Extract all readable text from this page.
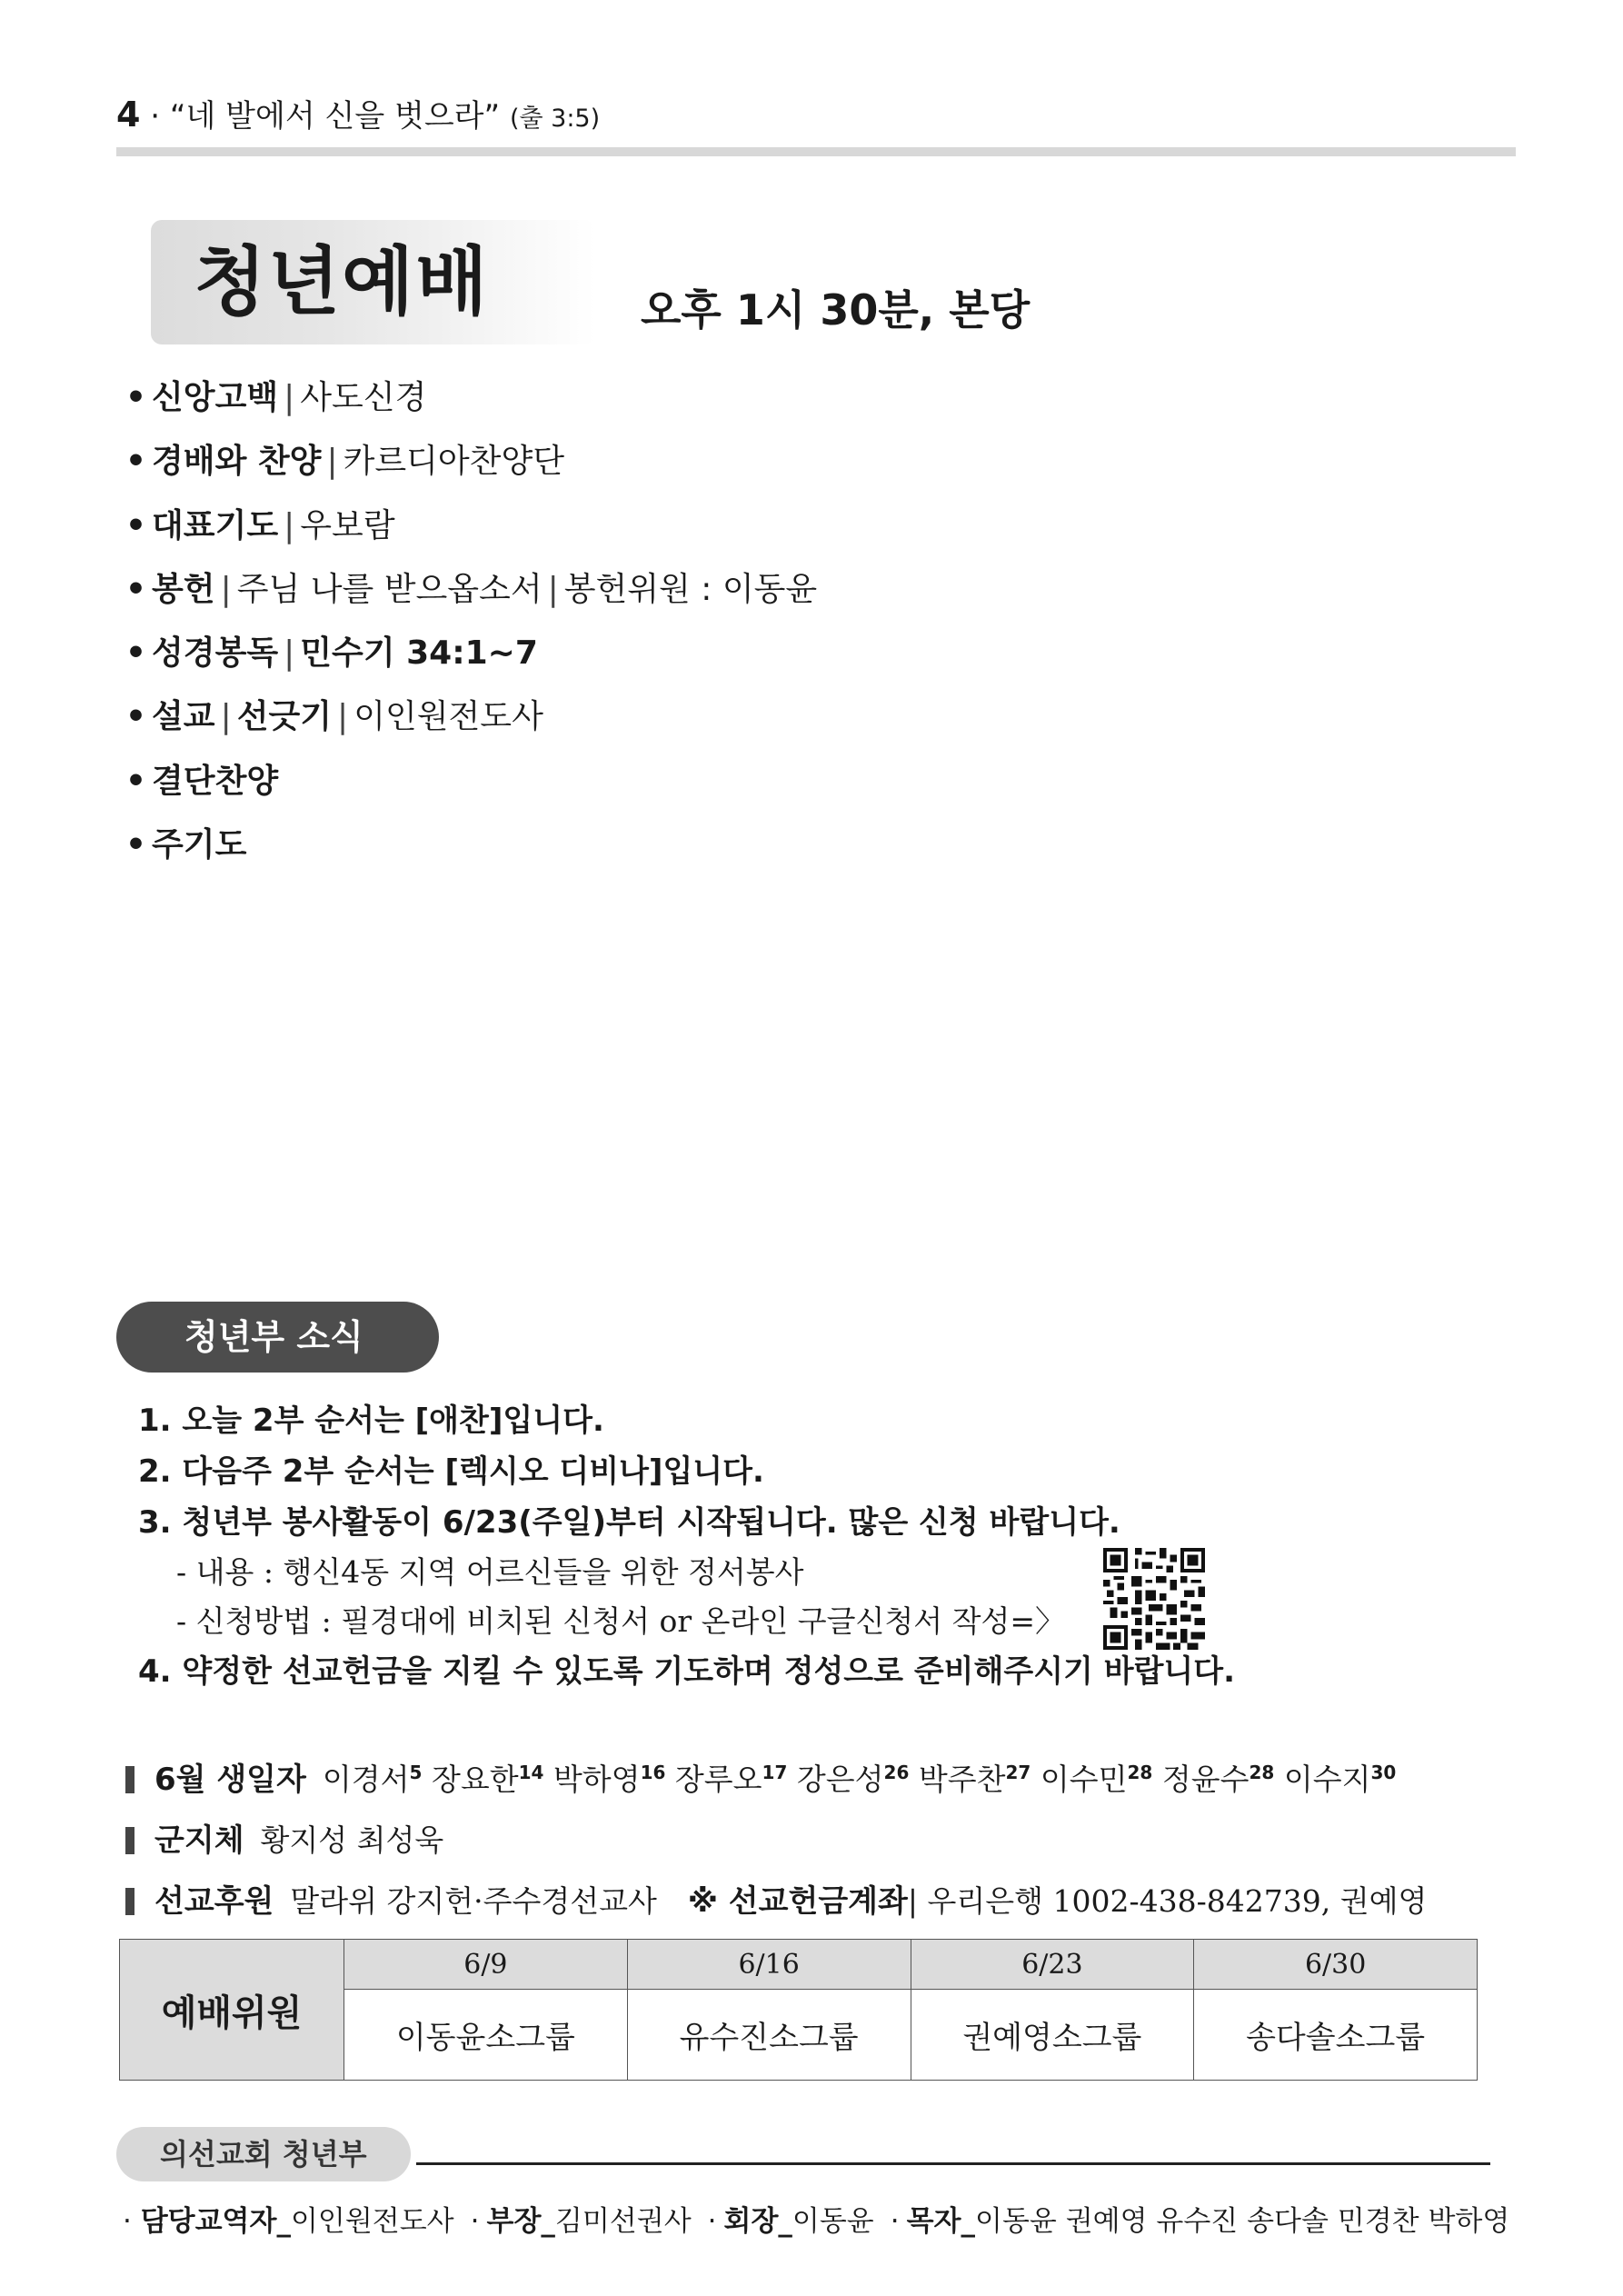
4 · “네 발에서 신을 벗으라” (출 3:5)
청년예배	오후 1시 30분, 본당
• 신앙고백 | 사도신경
• 경배와 찬양 | 카르디아찬양단
• 대표기도 | 우보람
• 봉헌 | 주님 나를 받으옵소서 | 봉헌위원 : 이동윤
• 성경봉독 | 민수기 34:1~7
• 설교 | 선긋기 | 이인원전도사
• 결단찬양
• 주기도
청년부 소식
1. 오늘 2부 순서는 [애찬]입니다.
2. 다음주 2부 순서는 [렉시오 디비나]입니다.
3. 청년부 봉사활동이 6/23(주일)부터 시작됩니다. 많은 신청 바랍니다.
- 내용 : 행신4동 지역 어르신들을 위한 정서봉사
- 신청방법 : 필경대에 비치된 신청서 or 온라인 구글신청서 작성=〉
4. 약정한 선교헌금을 지킬 수 있도록 기도하며 정성으로 준비해주시기 바랍니다.
6월 생일자 이경서$^5$ 장요한$^{14}$ 박하영$^{16}$ 장루오$^{17}$ 강은성$^{26}$ 박주찬$^{27}$ 이수민$^{28}$ 정윤수$^{28}$ 이수지$^{30}$
군지체 황지성 최성욱
선교후원 말라위 강지헌·주수경선교사 ※ 선교헌금계좌| 우리은행 1002-438-842739, 권예영
예배위원	6/9	6/16	6/23	6/30
	이동윤소그룹	유수진소그룹	권예영소그룹	송다솔소그룹
의선교회 청년부
· 담당교역자_이인원전도사 · 부장_김미선권사 · 회장_이동윤 · 목자_이동윤 권예영 유수진 송다솔 민경찬 박하영
